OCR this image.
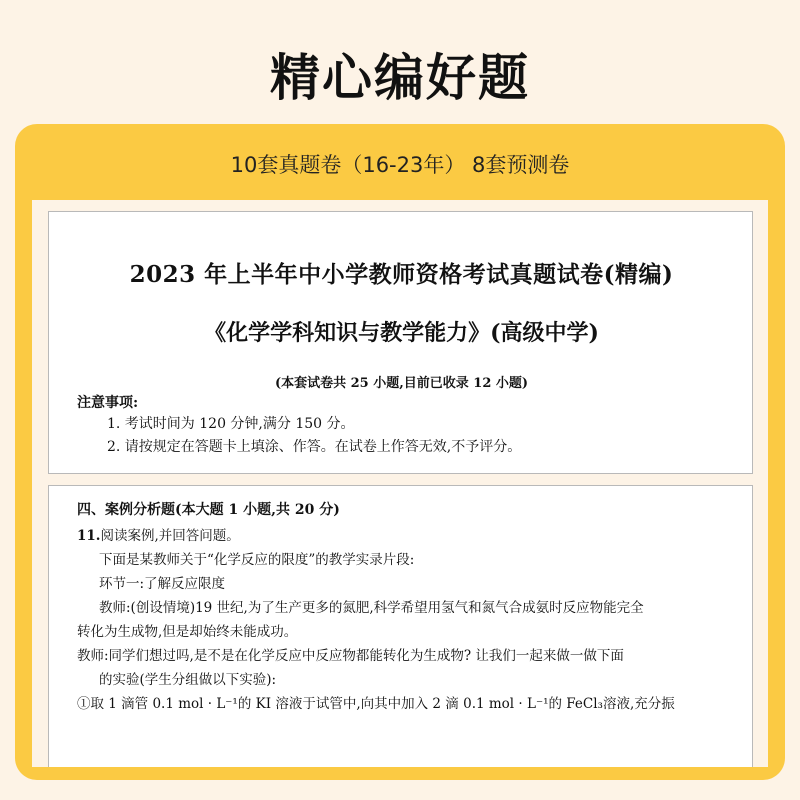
精心编好题
10套真题卷（16-23年） 8套预测卷
2023 年上半年中小学教师资格考试真题试卷(精编)
《化学学科知识与教学能力》(高级中学)
(本套试卷共 25 小题,目前已收录 12 小题)
注意事项:
1. 考试时间为 120 分钟,满分 150 分。
2. 请按规定在答题卡上填涂、作答。在试卷上作答无效,不予评分。
四、案例分析题(本大题 1 小题,共 20 分)
11.阅读案例,并回答问题。
下面是某教师关于“化学反应的限度”的教学实录片段:
环节一:了解反应限度
教师:(创设情境)19 世纪,为了生产更多的氮肥,科学希望用氢气和氮气合成氨时反应物能完全
转化为生成物,但是却始终未能成功。
教师:同学们想过吗,是不是在化学反应中反应物都能转化为生成物? 让我们一起来做一做下面
的实验(学生分组做以下实验):
①取 1 滴管 0.1 mol · L⁻¹的 KI 溶液于试管中,向其中加入 2 滴 0.1 mol · L⁻¹的 FeCl₃溶液,充分振
